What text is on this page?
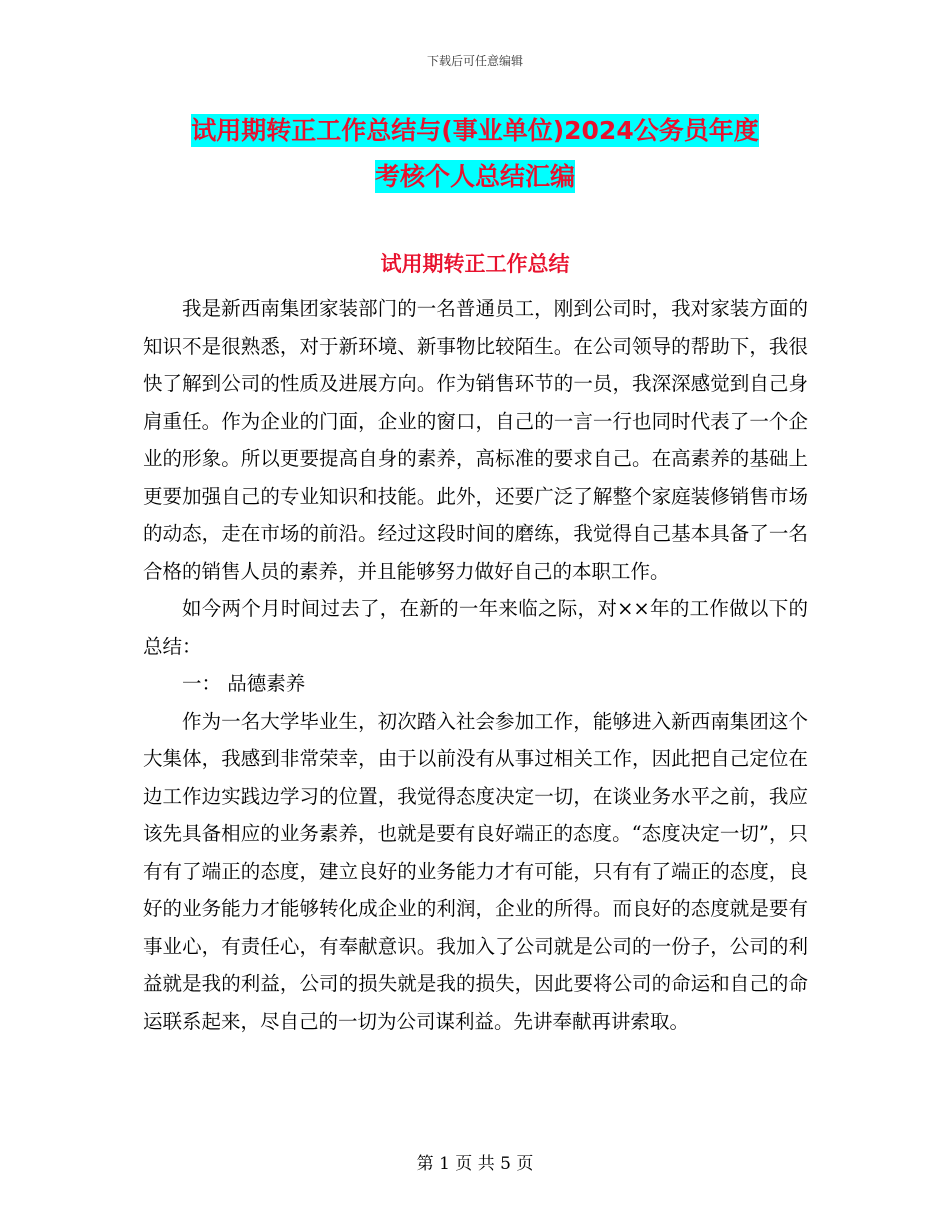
下载后可任意编辑
试用期转正工作总结与(事业单位)2024公务员年度
考核个人总结汇编
试用期转正工作总结

我是新西南集团家装部门的一名普通员工，刚到公司时，我对家装方面的知识不是很熟悉，对于新环境、新事物比较陌生。在公司领导的帮助下，我很快了解到公司的性质及进展方向。作为销售环节的一员，我深深感觉到自己身肩重任。作为企业的门面，企业的窗口，自己的一言一行也同时代表了一个企业的形象。所以更要提高自身的素养，高标准的要求自己。在高素养的基础上更要加强自己的专业知识和技能。此外，还要广泛了解整个家庭装修销售市场的动态，走在市场的前沿。经过这段时间的磨练，我觉得自己基本具备了一名合格的销售人员的素养，并且能够努力做好自己的本职工作。

如今两个月时间过去了，在新的一年来临之际，对××年的工作做以下的总结：

一： 品德素养

作为一名大学毕业生，初次踏入社会参加工作，能够进入新西南集团这个大集体，我感到非常荣幸，由于以前没有从事过相关工作，因此把自己定位在边工作边实践边学习的位置，我觉得态度决定一切，在谈业务水平之前，我应该先具备相应的业务素养，也就是要有良好端正的态度。“态度决定一切”，只有有了端正的态度，建立良好的业务能力才有可能，只有有了端正的态度，良好的业务能力才能够转化成企业的利润，企业的所得。而良好的态度就是要有事业心，有责任心，有奉献意识。我加入了公司就是公司的一份子，公司的利益就是我的利益，公司的损失就是我的损失，因此要将公司的命运和自己的命运联系起来，尽自己的一切为公司谋利益。先讲奉献再讲索取。

第 1 页 共 5 页
